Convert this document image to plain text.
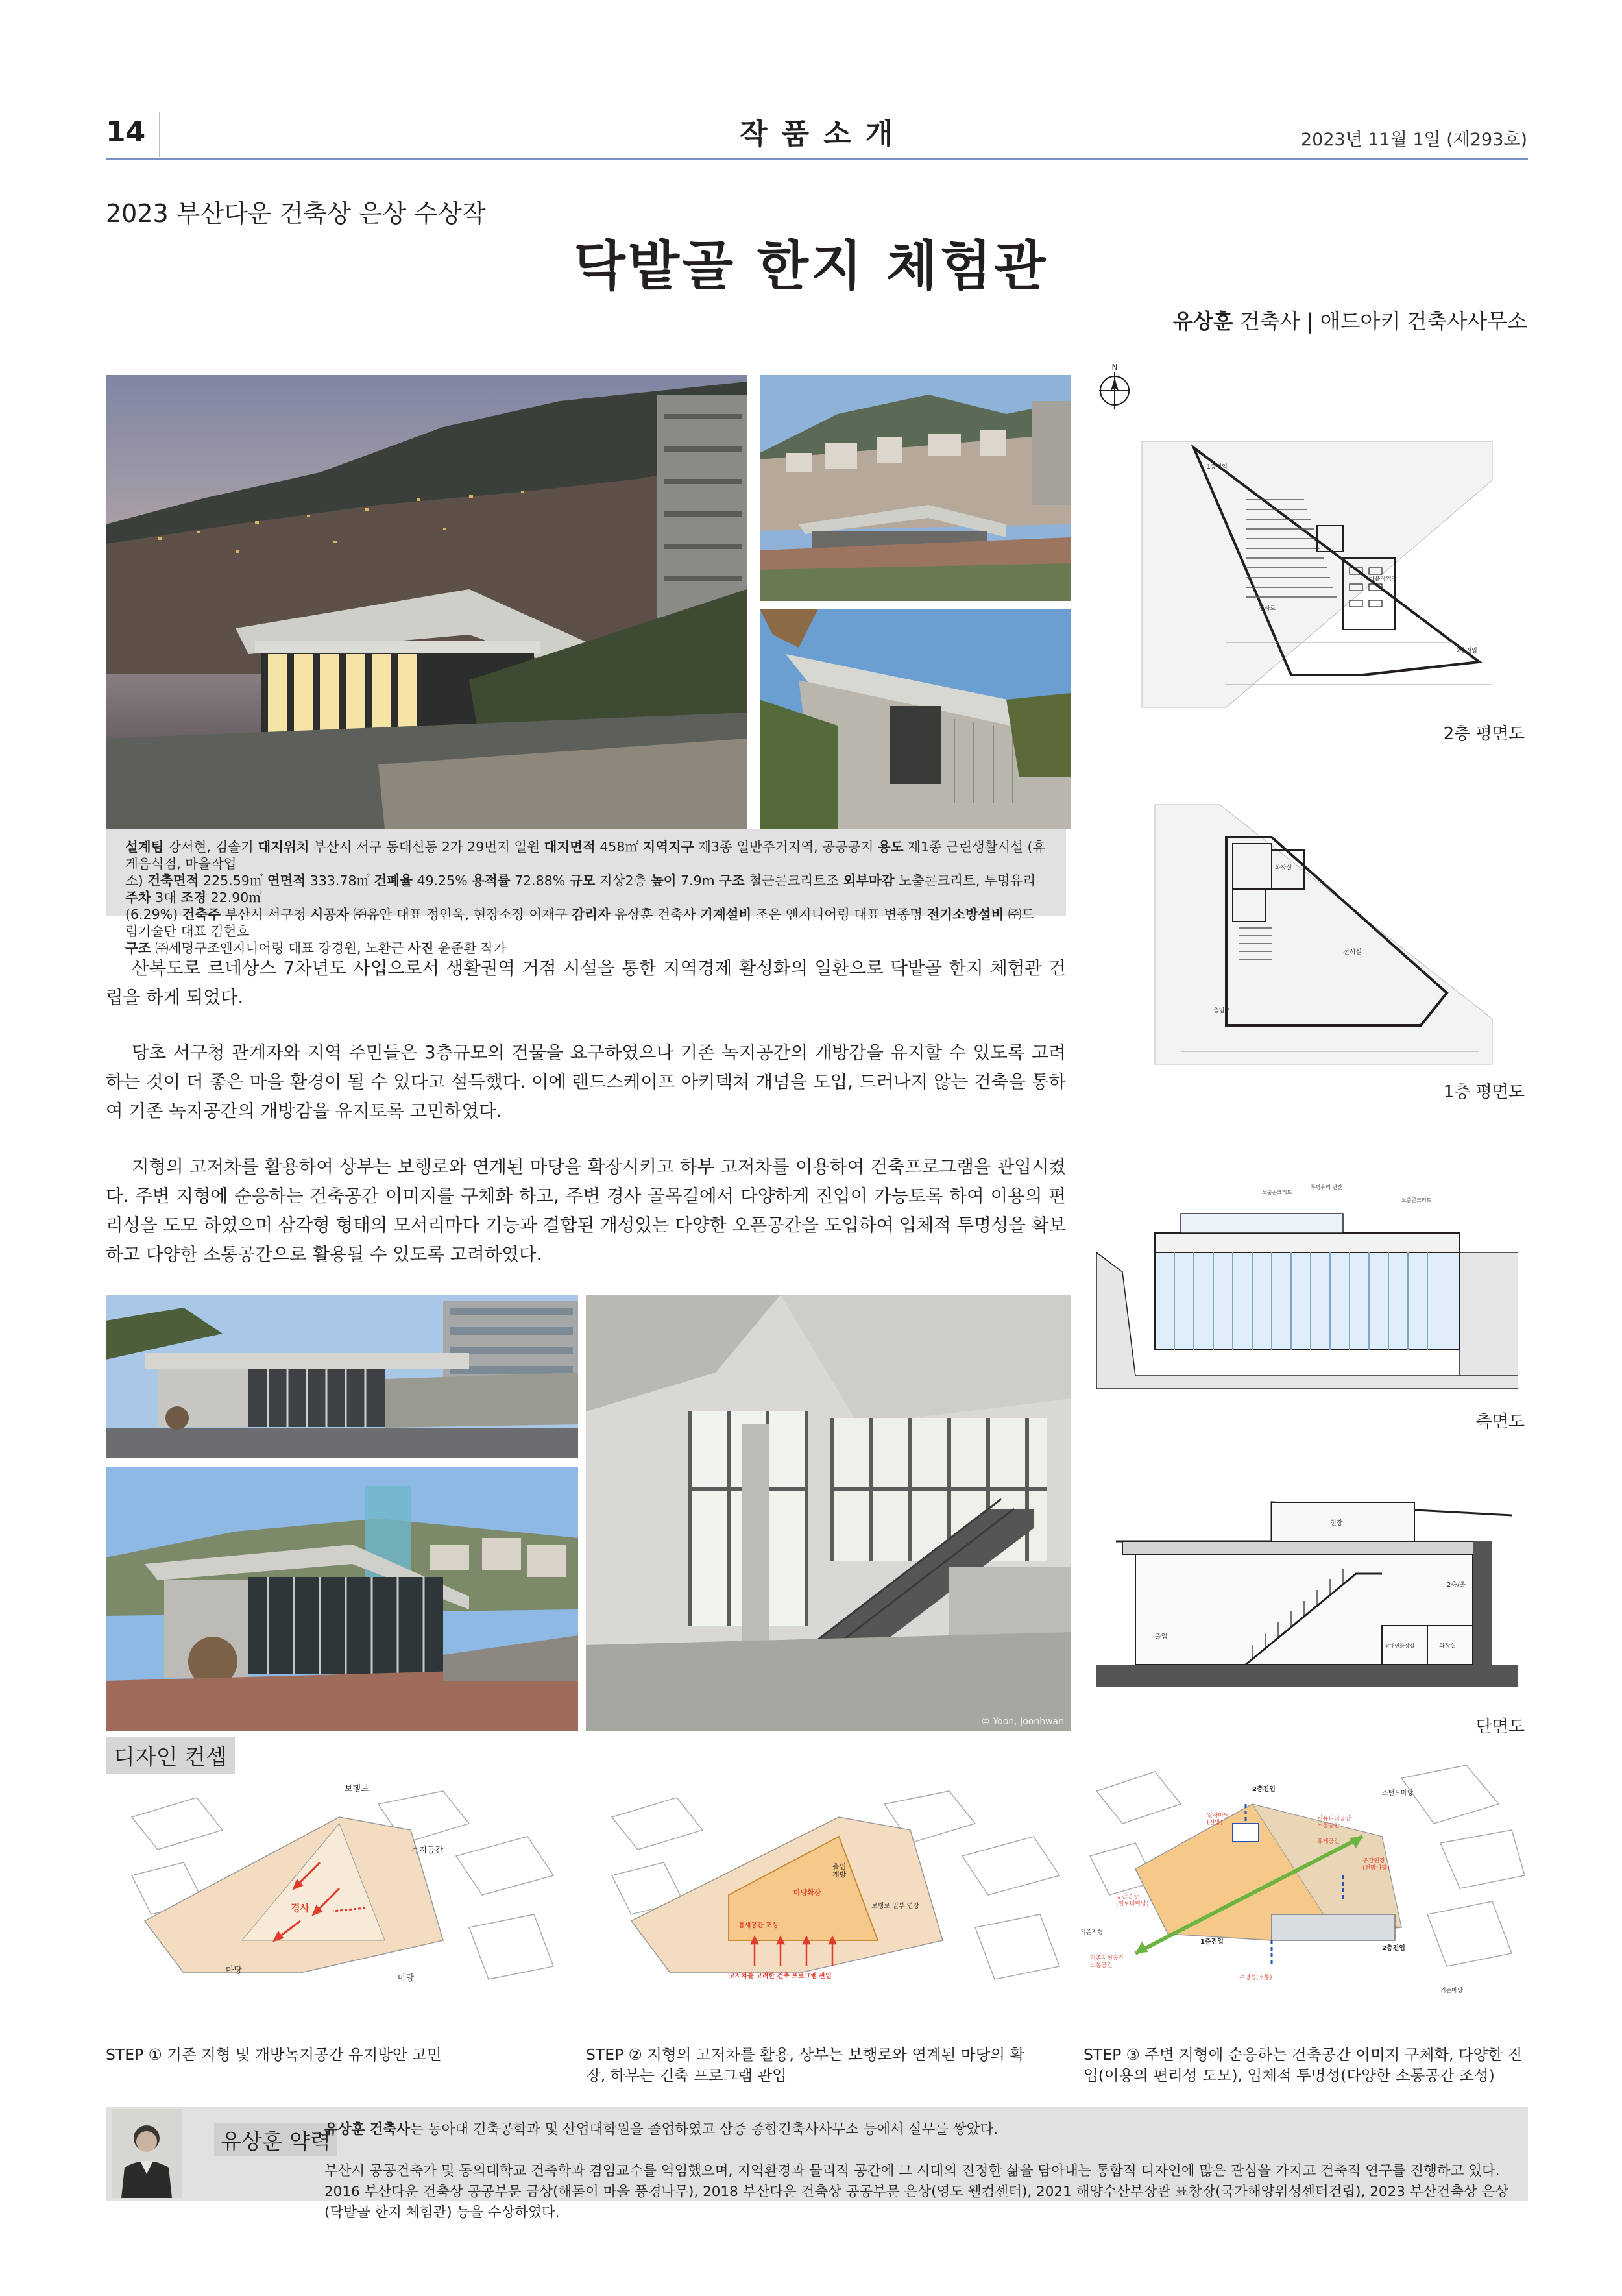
14	작품소개	2023년 11월 1일 (제293호)
2023 부산다운 건축상 은상 수상작
닥밭골 한지 체험관
유상훈 건축사 | 애드아키 건축사사무소
설계팀 강서현, 김솔기 대지위치 부산시 서구 동대신동 2가 29번지 일원 대지면적 458㎡ 지역지구 제3종 일반주거지역, 공공공지 용도 제1종 근린생활시설 (휴게음식점, 마을작업
소) 건축면적 225.59㎡ 연면적 333.78㎡ 건폐율 49.25% 용적률 72.88% 규모 지상2층 높이 7.9m 구조 철근콘크리트조 외부마감 노출콘크리트, 투명유리 주차 3대 조경 22.90㎡
(6.29%) 건축주 부산시 서구청 시공자 ㈜유안 대표 정인욱, 현장소장 이재구 감리자 유상훈 건축사 기계설비 조은 엔지니어링 대표 변종명 전기소방설비 ㈜드림기술단 대표 김헌호
구조 ㈜세명구조엔지니어링 대표 강경원, 노환근 사진 윤준환 작가
산복도로 르네상스 7차년도 사업으로서 생활권역 거점 시설을 통한 지역경제 활성화의 일환으로 닥밭골 한지 체험관 건립을 하게 되었다.
당초 서구청 관계자와 지역 주민들은 3층규모의 건물을 요구하였으나 기존 녹지공간의 개방감을 유지할 수 있도록 고려하는 것이 더 좋은 마을 환경이 될 수 있다고 설득했다. 이에 랜드스케이프 아키텍쳐 개념을 도입, 드러나지 않는 건축을 통하여 기존 녹지공간의 개방감을 유지토록 고민하였다.
지형의 고저차를 활용하여 상부는 보행로와 연계된 마당을 확장시키고 하부 고저차를 이용하여 건축프로그램을 관입시켰다. 주변 지형에 순응하는 건축공간 이미지를 구체화 하고, 주변 경사 골목길에서 다양하게 진입이 가능토록 하여 이용의 편리성을 도모 하였으며 삼각형 형태의 모서리마다 기능과 결합된 개성있는 다양한 오픈공간을 도입하여 입체적 투명성을 확보하고 다양한 소통공간으로 활용될 수 있도록 고려하였다.
© Yoon, Joonhwan
N
마을작업장
2층진입
1층진입
경사로
2층 평면도
전시실
출입구
화장실
1층 평면도
노출콘크리트
투명유리 난간
노출콘크리트
측면도
천창
2층/홀
출입
장애인화장실	화장실
단면도
디자인 컨셉
보행로
녹지공간
경사
마당
마당
출입 개방
마당확장
보행로 일부 연장
틈새공간 조성
고저차를 고려한 건축 프로그램 관입
2층진입
스탠드마당
일자마당 (전망)
커뮤니티공간 소통공간
휴게공간
공간연장 (전망마당)
공간연장 (필로티마당)
기존지형
1층진입
2층진입
기존지형공간 소통공간
투명성(소통)
기존마당
STEP ① 기존 지형 및 개방녹지공간 유지방안 고민	STEP ② 지형의 고저차를 활용, 상부는 보행로와 연계된 마당의 확장, 하부는 건축 프로그램 관입
STEP ③ 주변 지형에 순응하는 건축공간 이미지 구체화, 다양한 진입(이용의 편리성 도모), 입체적 투명성(다양한 소통공간 조성)
유상훈 약력
유상훈 건축사는 동아대 건축공학과 및 산업대학원을 졸업하였고 삼증 종합건축사사무소 등에서 실무를 쌓았다.
부산시 공공건축가 및 동의대학교 건축학과 겸임교수를 역임했으며, 지역환경과 물리적 공간에 그 시대의 진정한 삶을 담아내는 통합적 디자인에 많은 관심을 가지고 건축적 연구를 진행하고 있다. 2016 부산다운 건축상 공공부문 금상(해돋이 마을 풍경나무), 2018 부산다운 건축상 공공부문 은상(영도 웰컴센터), 2021 해양수산부장관 표창장(국가해양위성센터건립), 2023 부산건축상 은상(닥밭골 한지 체험관) 등을 수상하였다.
